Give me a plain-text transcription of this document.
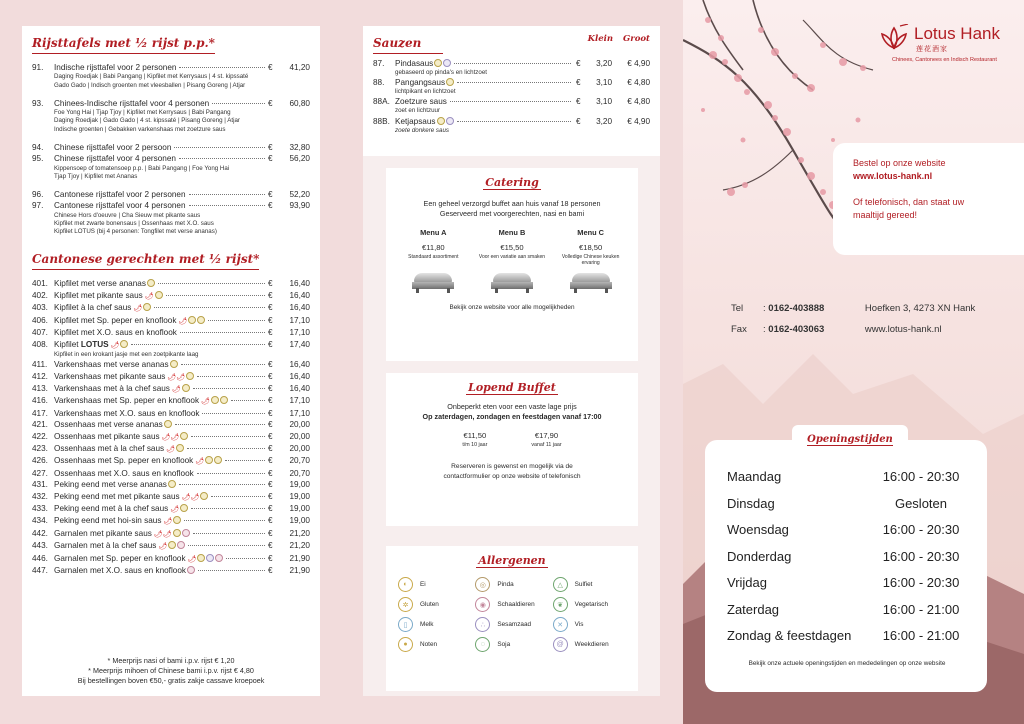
Rijsttafels met ½ rijst p.p.*
91.	Indische rijsttafel voor 2 personen	€ 41,20
Daging Roedjak | Babi Pangang | Kipfilet met Kerrysaus | 4 st. kipssaté
Gado Gado | Indisch groenten met vleesballen | Pisang Goreng | Atjar
93.	Chinees-Indische rijsttafel voor 4 personen	€ 60,80
Foe Yong Hai | Tjap Tjoy | Kipfilet met Kerrysaus | Babi Pangang
Daging Roedjak | Gado Gado | 4 st. kipssaté | Pisang Goreng | Atjar
Indische groenten | Gebakken varkenshaas met zoetzure saus
94.	Chinese rijsttafel voor 2 persoon	€ 32,80
95.	Chinese rijsttafel voor 4 personen	€ 56,20
Kippensoep of tomatensoep p.p. | Babi Pangang | Foe Yong Hai
Tjap Tjoy | Kipfilet met Ananas
96.	Cantonese rijsttafel voor 2 personen	€ 52,20
97.	Cantonese rijsttafel voor 4 personen	€ 93,90
Chinese Hors d'oeuvre | Cha Sieuw met pikante saus
Kipfilet met zwarte bonensaus | Ossenhaas met X.O. saus
Kipfilet LOTUS (bij 4 personen: Tongfilet met verse ananas)
Cantonese gerechten met ½ rijst*
401. Kipfilet met verse ananas	€ 16,40
402. Kipfilet met pikante saus 🌶	€ 16,40
403. Kipfilet à la chef saus 🌶	€ 16,40
406. Kipfilet met Sp. peper en knoflook 🌶	€ 17,10
407. Kipfilet met X.O. saus en knoflook	€ 17,10
408. Kipfilet LOTUS 🌶	€ 17,40
Kipfilet in een krokant jasje met een zoetpikante laag
411. Varkenshaas met verse ananas	€ 16,40
412. Varkenshaas met pikante saus 🌶🌶	€ 16,40
413. Varkenshaas met à la chef saus 🌶	€ 16,40
416. Varkenshaas met Sp. peper en knoflook 🌶	€ 17,10
417. Varkenshaas met X.O. saus en knoflook	€ 17,10
421. Ossenhaas met verse ananas	€ 20,00
422. Ossenhaas met pikante saus 🌶🌶	€ 20,00
423. Ossenhaas met à la chef saus 🌶	€ 20,00
426. Ossenhaas met Sp. peper en knoflook 🌶	€ 20,70
427. Ossenhaas met X.O. saus en knoflook	€ 20,70
431. Peking eend met verse ananas	€ 19,00
432. Peking eend met met pikante saus 🌶🌶	€ 19,00
433. Peking eend met à la chef saus 🌶	€ 19,00
434. Peking eend met hoi-sin saus 🌶	€ 19,00
442. Garnalen met pikante saus 🌶🌶	€ 21,20
443. Garnalen met à la chef saus 🌶	€ 21,20
446. Garnalen met Sp. peper en knoflook 🌶	€ 21,90
447. Garnalen met X.O. saus en knoflook	€ 21,90
* Meerprijs nasi of bami i.p.v. rijst € 1,20
* Meerprijs mihoen of Chinese bami i.p.v. rijst € 4,80
Bij bestellingen boven €50,- gratis zakje cassave kroepoek
Sauzen	Klein Groot
87.	Pindasaus	€ 3,20	€ 4,90
gebaseerd op pinda's en lichtzoet
88.	Pangangsaus	€ 3,10	€ 4,80
lichtpikant en lichtzoet
88A. Zoetzure saus	€ 3,10	€ 4,80
zoet en lichtzuur
88B. Ketjapsaus	€ 3,20	€ 4,90
zoete donkere saus
Catering
Een geheel verzorgd buffet aan huis vanaf 18 personen
Geserveerd met voorgerechten, nasi en bami
Menu A
€11,80
Standaard assortiment
Menu B
€15,50
Voor een variatie aan smaken
Menu C
€18,50
Volledige Chinese keuken ervaring
Bekijk onze website voor alle mogelijkheden
Lopend Buffet
Onbeperkt eten voor een vaste lage prijs
Op zaterdagen, zondagen en feestdagen vanaf 17:00
€11,50
t/m 10 jaar
€17,90
vanaf 11 jaar
Reserveren is gewenst en mogelijk via de
contactformulier op onze website of telefonisch
Allergenen
◐	Ei	◎	Pinda	△	Sulfiet
✲	Gluten	◉	Schaaldieren	❦	Vegetarisch
▯	Melk	∴	Sesamzaad	✕	Vis
●	Noten	◌	Soja	@	Weekdieren
Lotus Hank
莲花酒家
Chinees, Cantonees en Indisch Restaurant
Bestel op onze website
www.lotus-hank.nl
Of telefonisch, dan staat uw
maaltijd gereed!
Tel : 0162-403888	Hoefken 3, 4273 XN Hank
Fax : 0162-403063	www.lotus-hank.nl
Maandag	16:00 - 20:30
Dinsdag	Gesloten
Woensdag	16:00 - 20:30
Donderdag	16:00 - 20:30
Vrijdag	16:00 - 20:30
Zaterdag	16:00 - 21:00
Zondag & feestdagen	16:00 - 21:00
Bekijk onze actuele openingstijden en mededelingen op onze website
Openingstijden
